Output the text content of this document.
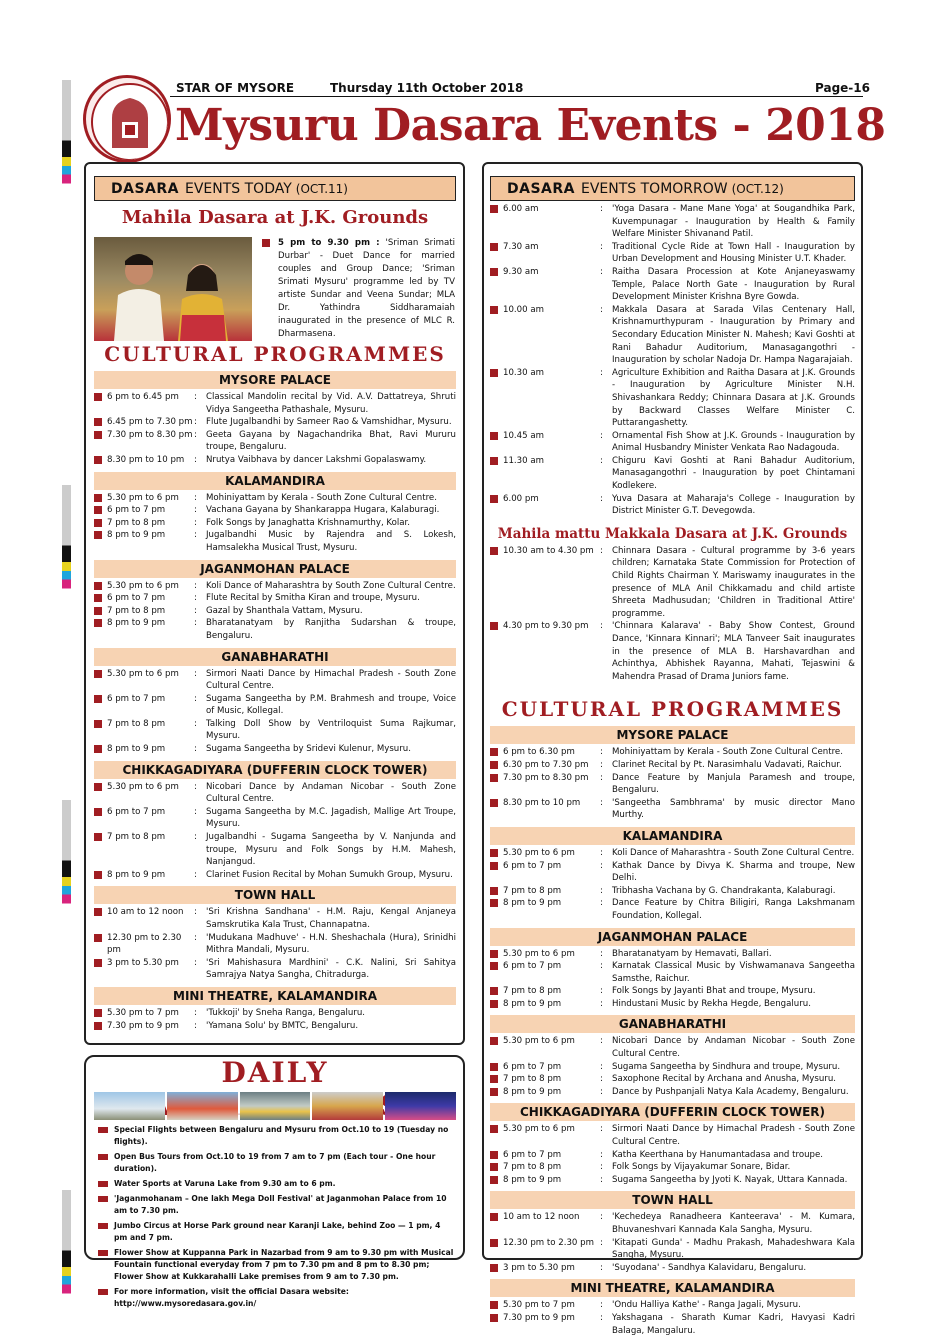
STAR OF MYSORE	Thursday 11th October 2018	Page-16
Mysuru Dasara Events - 2018
DASARA EVENTS TODAY (OCT.11)
Mahila Dasara at J.K. Grounds
5 pm to 9.30 pm : 'Sriman Srimati Durbar' - Duet Dance for married couples and Group Dance; 'Sriman Srimati Mysuru' programme led by TV artiste Sundar and Veena Sundar; MLA Dr. Yathindra Siddharamaiah inaugurated in the presence of MLC R. Dharmasena.
CULTURAL PROGRAMMES
MYSORE PALACE
6 pm to 6.45 pm	:	Classical Mandolin recital by Vid. A.V. Dattatreya, Shruti Vidya Sangeetha Pathashale, Mysuru.
6.45 pm to 7.30 pm :	Flute Jugalbandhi by Sameer Rao & Vamshidhar, Mysuru.
7.30 pm to 8.30 pm :	Geeta Gayana by Nagachandrika Bhat, Ravi Mururu troupe, Bengaluru.
8.30 pm to 10 pm	:	Nrutya Vaibhava by dancer Lakshmi Gopalaswamy.
KALAMANDIRA
5.30 pm to 6 pm	:	Mohiniyattam by Kerala - South Zone Cultural Centre.
6 pm to 7 pm	:	Vachana Gayana by Shankarappa Hugara, Kalaburagi.
7 pm to 8 pm	:	Folk Songs by Janaghatta Krishnamurthy, Kolar.
8 pm to 9 pm	:	Jugalbandhi Music by Rajendra and S. Lokesh, Hamsalekha Musical Trust, Mysuru.
JAGANMOHAN PALACE
5.30 pm to 6 pm	:	Koli Dance of Maharashtra by South Zone Cultural Centre.
6 pm to 7 pm	:	Flute Recital by Smitha Kiran and troupe, Mysuru.
7 pm to 8 pm	:	Gazal by Shanthala Vattam, Mysuru.
8 pm to 9 pm	:	Bharatanatyam by Ranjitha Sudarshan & troupe, Bengaluru.
GANABHARATHI
5.30 pm to 6 pm	:	Sirmori Naati Dance by Himachal Pradesh - South Zone Cultural Centre.
6 pm to 7 pm	:	Sugama Sangeetha by P.M. Brahmesh and troupe, Voice of Music, Kollegal.
7 pm to 8 pm	:	Talking Doll Show by Ventriloquist Suma Rajkumar, Mysuru.
8 pm to 9 pm	:	Sugama Sangeetha by Sridevi Kulenur, Mysuru.
CHIKKAGADIYARA (DUFFERIN CLOCK TOWER)
5.30 pm to 6 pm	:	Nicobari Dance by Andaman Nicobar - South Zone Cultural Centre.
6 pm to 7 pm	:	Sugama Sangeetha by M.C. Jagadish, Mallige Art Troupe, Mysuru.
7 pm to 8 pm	:	Jugalbandhi - Sugama Sangeetha by V. Nanjunda and troupe, Mysuru and Folk Songs by H.M. Mahesh, Nanjangud.
8 pm to 9 pm	:	Clarinet Fusion Recital by Mohan Sumukh Group, Mysuru.
TOWN HALL
10 am to 12 noon	:	'Sri Krishna Sandhana' - H.M. Raju, Kengal Anjaneya Samskrutika Kala Trust, Channapatna.
12.30 pm to 2.30 pm
:	'Mudukana Madhuve' - H.N. Sheshachala (Hura), Srinidhi Mithra Mandali, Mysuru.
3 pm to 5.30 pm	:	'Sri Mahishasura Mardhini' - C.K. Nalini, Sri Sahitya Samrajya Natya Sangha, Chitradurga.
MINI THEATRE, KALAMANDIRA
5.30 pm to 7 pm	:	'Tukkoji' by Sneha Ranga, Bengaluru.
7.30 pm to 9 pm	:	'Yamana Solu' by BMTC, Bengaluru.
DAILY
Special Flights between Bengaluru and Mysuru from Oct.10 to 19 (Tuesday no flights).
Open Bus Tours from Oct.10 to 19 from 7 am to 7 pm (Each tour - One hour duration).
Water Sports at Varuna Lake from 9.30 am to 6 pm.
'Jaganmohanam – One lakh Mega Doll Festival' at Jaganmohan Palace from 10 am to 7.30 pm.
Jumbo Circus at Horse Park ground near Karanji Lake, behind Zoo — 1 pm, 4 pm and 7 pm.
Flower Show at Kuppanna Park in Nazarbad from 9 am to 9.30 pm with Musical Fountain functional everyday from 7 pm to 7.30 pm and 8 pm to 8.30 pm; Flower Show at Kukkarahalli Lake premises from 9 am to 7.30 pm.
For more information, visit the official Dasara website: http://www.mysoredasara.gov.in/
DASARA EVENTS TOMORROW (OCT.12)
6.00 am	:	'Yoga Dasara - Mane Mane Yoga' at Sougandhika Park, Kuvempunagar - Inauguration by Health & Family Welfare Minister Shivanand Patil.
7.30 am	:	Traditional Cycle Ride at Town Hall - Inauguration by Urban Development and Housing Minister U.T. Khader.
9.30 am	:	Raitha Dasara Procession at Kote Anjaneyaswamy Temple, Palace North Gate - Inauguration by Rural Development Minister Krishna Byre Gowda.
10.00 am	:	Makkala Dasara at Sarada Vilas Centenary Hall, Krishnamurthypuram - Inauguration by Primary and Secondary Education Minister N. Mahesh; Kavi Goshti at Rani Bahadur Auditorium, Manasagangothri - Inauguration by scholar Nadoja Dr. Hampa Nagarajaiah.
10.30 am	:	Agriculture Exhibition and Raitha Dasara at J.K. Grounds - Inauguration by Agriculture Minister N.H. Shivashankara Reddy; Chinnara Dasara at J.K. Grounds by Backward Classes Welfare Minister C. Puttarangashetty.
10.45 am	:	Ornamental Fish Show at J.K. Grounds - Inauguration by Animal Husbandry Minister Venkata Rao Nadagouda.
11.30 am	:	Chiguru Kavi Goshti at Rani Bahadur Auditorium, Manasagangothri - Inauguration by poet Chintamani Kodlekere.
6.00 pm	:	Yuva Dasara at Maharaja's College - Inauguration by District Minister G.T. Devegowda.
Mahila mattu Makkala Dasara at J.K. Grounds
10.30 am to 4.30 pm :	Chinnara Dasara - Cultural programme by 3-6 years children; Karnataka State Commission for Protection of Child Rights Chairman Y. Mariswamy inaugurates in the presence of MLA Anil Chikkamadu and child artiste Shreeta Madhusudan; 'Children in Traditional Attire' programme.
4.30 pm to 9.30 pm	:	'Chinnara Kalarava' - Baby Show Contest, Ground Dance, 'Kinnara Kinnari'; MLA Tanveer Sait inaugurates in the presence of MLA B. Harshavardhan and Achinthya, Abhishek Rayanna, Mahati, Tejaswini & Mahendra Prasad of Drama Juniors fame.
CULTURAL PROGRAMMES
MYSORE PALACE
6 pm to 6.30 pm	:	Mohiniyattam by Kerala - South Zone Cultural Centre.
6.30 pm to 7.30 pm	:	Clarinet Recital by Pt. Narasimhalu Vadavati, Raichur.
7.30 pm to 8.30 pm	:	Dance Feature by Manjula Paramesh and troupe, Bengaluru.
8.30 pm to 10 pm	:	'Sangeetha Sambhrama' by music director Mano Murthy.
KALAMANDIRA
5.30 pm to 6 pm	:	Koli Dance of Maharashtra - South Zone Cultural Centre.
6 pm to 7 pm	:	Kathak Dance by Divya K. Sharma and troupe, New Delhi.
7 pm to 8 pm	:	Tribhasha Vachana by G. Chandrakanta, Kalaburagi.
8 pm to 9 pm	:	Dance Feature by Chitra Biligiri, Ranga Lakshmanam Foundation, Kollegal.
JAGANMOHAN PALACE
5.30 pm to 6 pm	:	Bharatanatyam by Hemavati, Ballari.
6 pm to 7 pm	:	Karnatak Classical Music by Vishwamanava Sangeetha Samsthe, Raichur.
7 pm to 8 pm	:	Folk Songs by Jayanti Bhat and troupe, Mysuru.
8 pm to 9 pm	:	Hindustani Music by Rekha Hegde, Bengaluru.
GANABHARATHI
5.30 pm to 6 pm	:	Nicobari Dance by Andaman Nicobar - South Zone Cultural Centre.
6 pm to 7 pm	:	Sugama Sangeetha by Sindhura and troupe, Mysuru.
7 pm to 8 pm	:	Saxophone Recital by Archana and Anusha, Mysuru.
8 pm to 9 pm	:	Dance by Pushpanjali Natya Kala Academy, Bengaluru.
CHIKKAGADIYARA (DUFFERIN CLOCK TOWER)
5.30 pm to 6 pm	:	Sirmori Naati Dance by Himachal Pradesh - South Zone Cultural Centre.
6 pm to 7 pm	:	Katha Keerthana by Hanumantadasa and troupe.
7 pm to 8 pm	:	Folk Songs by Vijayakumar Sonare, Bidar.
8 pm to 9 pm	:	Sugama Sangeetha by Jyoti K. Nayak, Uttara Kannada.
TOWN HALL
10 am to 12 noon	:	'Kechedeya Ranadheera Kanteerava' - M. Kumara, Bhuvaneshvari Kannada Kala Sangha, Mysuru.
12.30 pm to 2.30 pm :	'Kitapati Gunda' - Madhu Prakash, Mahadeshwara Kala Sangha, Mysuru.
3 pm to 5.30 pm	:	'Suyodana' - Sandhya Kalavidaru, Bengaluru.
MINI THEATRE, KALAMANDIRA
5.30 pm to 7 pm	:	'Ondu Halliya Kathe' - Ranga Jagali, Mysuru.
7.30 pm to 9 pm	:	Yakshagana - Sharath Kumar Kadri, Havyasi Kadri Balaga, Mangaluru.
